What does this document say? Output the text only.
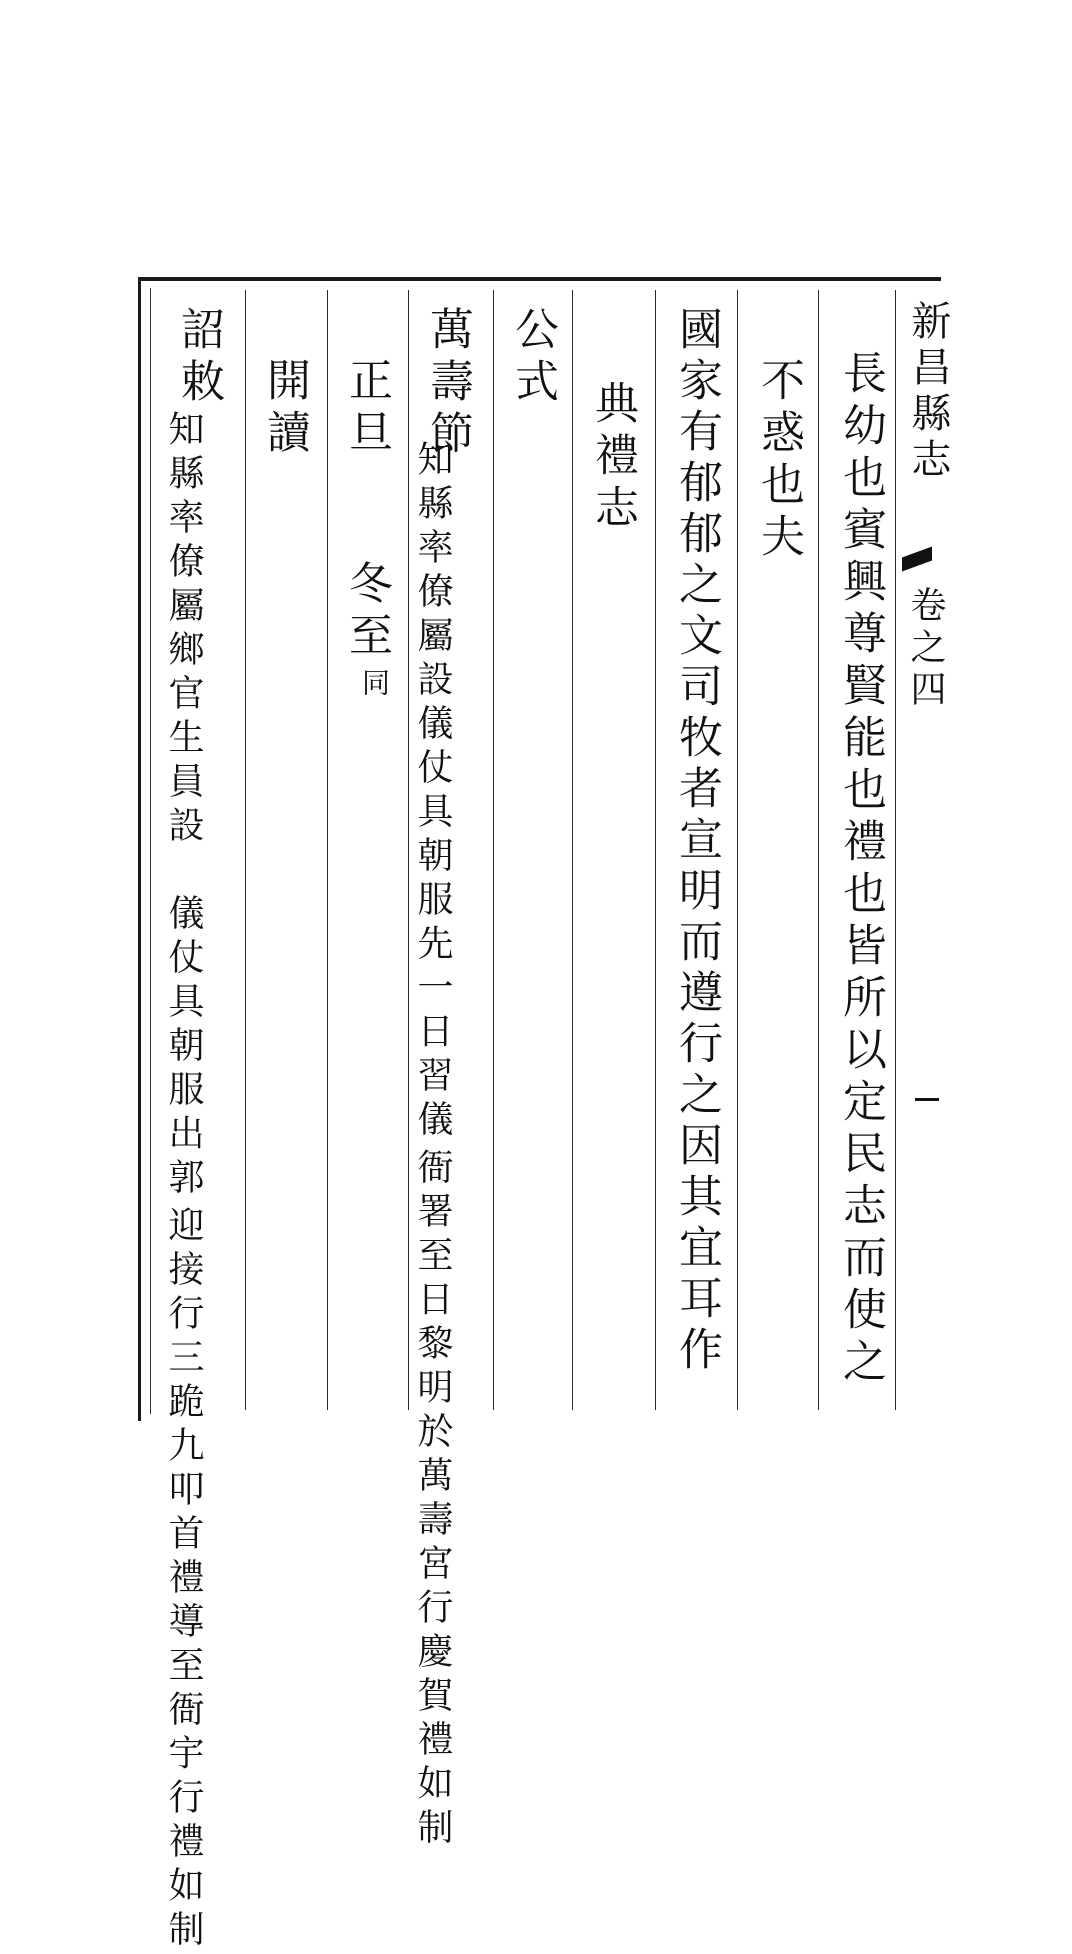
新昌縣志
卷之四
長幼也賓興尊賢能也禮也皆所以定民志而使之
不惑也夫
國家有郁郁之文司牧者宣明而遵行之因其宜耳作
典禮志
公式
萬壽節
知縣率僚屬設儀仗具朝服先一日習儀
衙署至日黎明於萬壽宮行慶賀禮如制
正旦
冬至
同
開讀
詔敕
知縣率僚屬鄉官生員設　儀仗具朝服出郭
迎接行三跪九叩首禮導至衙宇行禮如制
